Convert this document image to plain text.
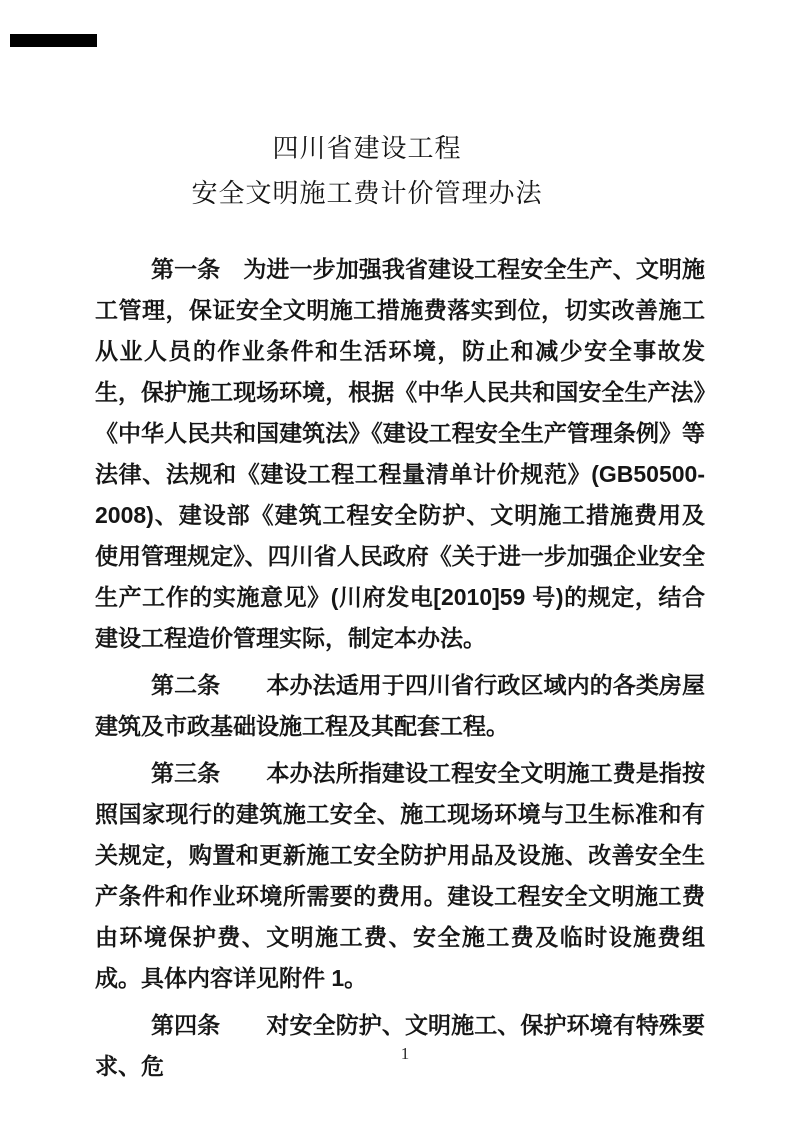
四川省建设工程
安全文明施工费计价管理办法

第一条　为进一步加强我省建设工程安全生产、文明施工管理，保证安全文明施工措施费落实到位，切实改善施工从业人员的作业条件和生活环境，防止和减少安全事故发生，保护施工现场环境，根据《中华人民共和国安全生产法》《中华人民共和国建筑法》《建设工程安全生产管理条例》等法律、法规和《建设工程工程量清单计价规范》(GB50500-2008)、建设部《建筑工程安全防护、文明施工措施费用及使用管理规定》、四川省人民政府《关于进一步加强企业安全生产工作的实施意见》(川府发电[2010]59 号)的规定，结合建设工程造价管理实际，制定本办法。

第二条　　本办法适用于四川省行政区域内的各类房屋建筑及市政基础设施工程及其配套工程。

第三条　　本办法所指建设工程安全文明施工费是指按照国家现行的建筑施工安全、施工现场环境与卫生标准和有关规定，购置和更新施工安全防护用品及设施、改善安全生产条件和作业环境所需要的费用。建设工程安全文明施工费由环境保护费、文明施工费、安全施工费及临时设施费组成。具体内容详见附件 1。

第四条　　对安全防护、文明施工、保护环境有特殊要求、危	1
